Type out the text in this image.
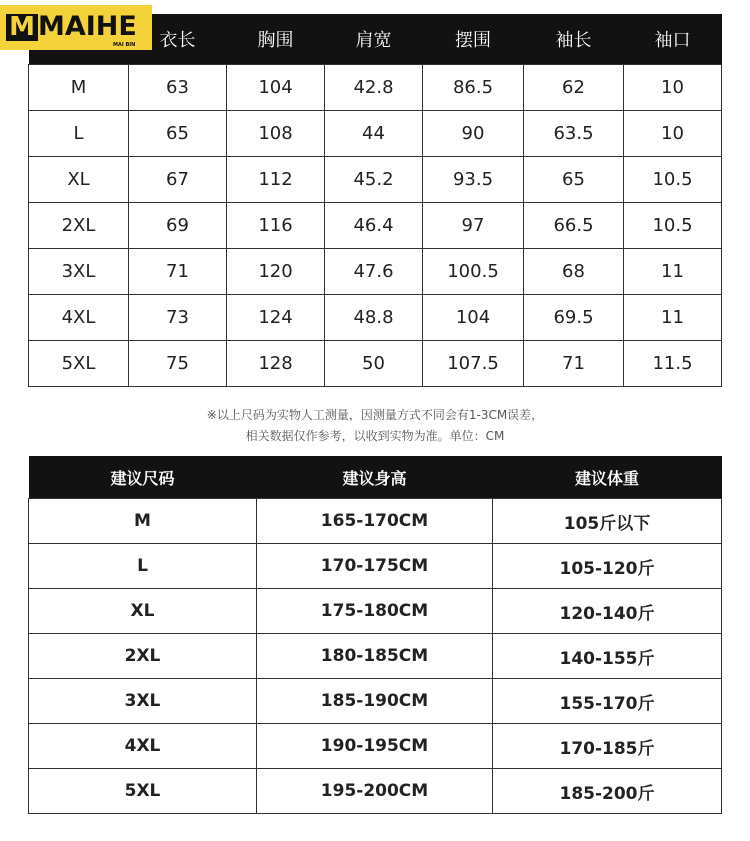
M MAIHE
MAI BIN
	衣长	胸围	肩宽	摆围	袖长	袖口
M	63	104	42.8	86.5	62	10
L	65	108	44	90	63.5	10
XL	67	112	45.2	93.5	65	10.5
2XL	69	116	46.4	97	66.5	10.5
3XL	71	120	47.6	100.5	68	11
4XL	73	124	48.8	104	69.5	11
5XL	75	128	50	107.5	71	11.5
※以上尺码为实物人工测量，因测量方式不同会有1-3CM误差，
相关数据仅作参考，以收到实物为准。单位：CM
建议尺码	建议身高	建议体重
M	165-170CM	105斤以下
L	170-175CM	105-120斤
XL	175-180CM	120-140斤
2XL	180-185CM	140-155斤
3XL	185-190CM	155-170斤
4XL	190-195CM	170-185斤
5XL	195-200CM	185-200斤
